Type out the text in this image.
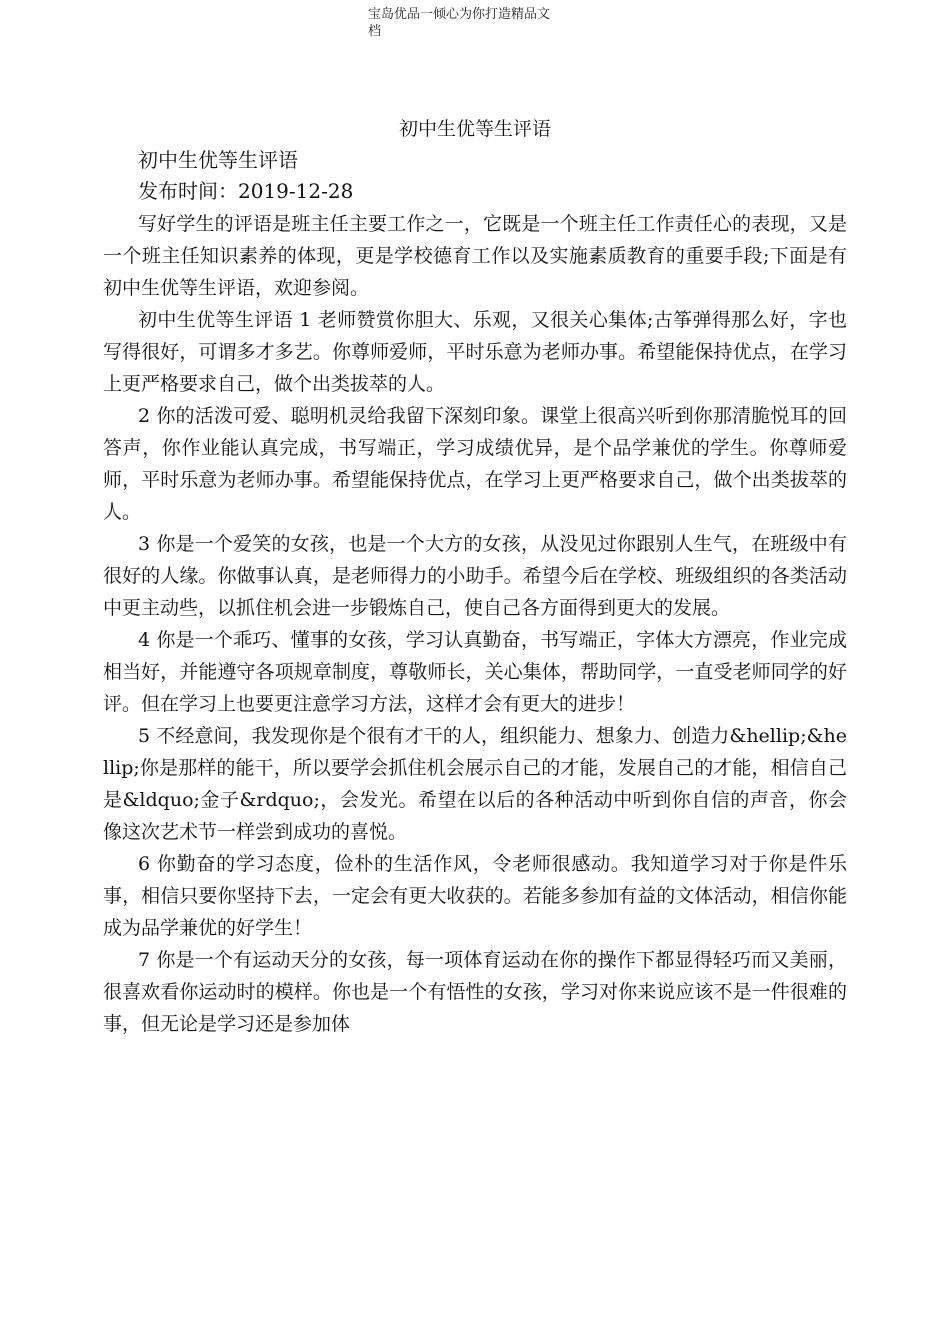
宝岛优品一倾心为你打造精品文
档
初中生优等生评语
初中生优等生评语
发布时间：2019-12-28

写好学生的评语是班主任主要工作之一，它既是一个班主任工作责任心的表现，又是一个班主任知识素养的体现，更是学校德育工作以及实施素质教育的重要手段;下面是有初中生优等生评语，欢迎参阅。

初中生优等生评语 1 老师赞赏你胆大、乐观，又很关心集体;古筝弹得那么好，字也写得很好，可谓多才多艺。你尊师爱师，平时乐意为老师办事。希望能保持优点，在学习上更严格要求自己，做个出类拔萃的人。

2 你的活泼可爱、聪明机灵给我留下深刻印象。课堂上很高兴听到你那清脆悦耳的回答声，你作业能认真完成，书写端正，学习成绩优异，是个品学兼优的学生。你尊师爱师，平时乐意为老师办事。希望能保持优点，在学习上更严格要求自己，做个出类拔萃的人。

3 你是一个爱笑的女孩，也是一个大方的女孩，从没见过你跟别人生气，在班级中有很好的人缘。你做事认真，是老师得力的小助手。希望今后在学校、班级组织的各类活动中更主动些，以抓住机会进一步锻炼自己，使自己各方面得到更大的发展。

4 你是一个乖巧、懂事的女孩，学习认真勤奋，书写端正，字体大方漂亮，作业完成相当好，并能遵守各项规章制度，尊敬师长，关心集体，帮助同学，一直受老师同学的好评。但在学习上也要更注意学习方法，这样才会有更大的进步！

5 不经意间，我发现你是个很有才干的人，组织能力、想象力、创造力&hellip;&hellip;你是那样的能干，所以要学会抓住机会展示自己的才能，发展自己的才能，相信自己是&ldquo;金子&rdquo;，会发光。希望在以后的各种活动中听到你自信的声音，你会像这次艺术节一样尝到成功的喜悦。

6 你勤奋的学习态度，俭朴的生活作风，令老师很感动。我知道学习对于你是件乐事，相信只要你坚持下去，一定会有更大收获的。若能多参加有益的文体活动，相信你能成为品学兼优的好学生！

7 你是一个有运动天分的女孩，每一项体育运动在你的操作下都显得轻巧而又美丽，很喜欢看你运动时的模样。你也是一个有悟性的女孩，学习对你来说应该不是一件很难的事，但无论是学习还是参加体
